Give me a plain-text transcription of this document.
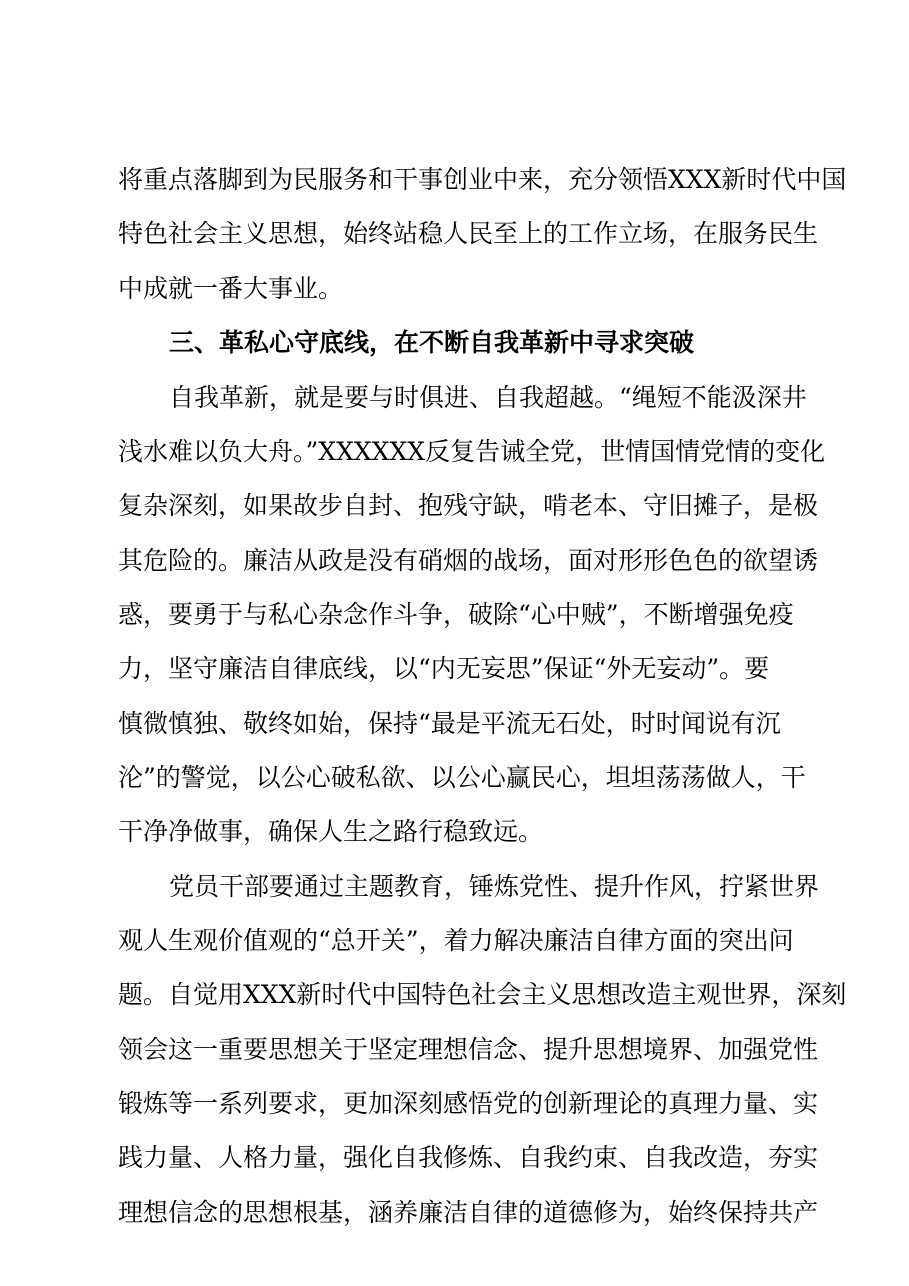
将重点落脚到为民服务和干事创业中来，充分领悟XXX新时代中国
特色社会主义思想，始终站稳人民至上的工作立场，在服务民生
中成就一番大事业。
三、革私心守底线，在不断自我革新中寻求突破
自我革新，就是要与时俱进、自我超越。“绳短不能汲深井
浅水难以负大舟。”XXXXXX反复告诫全党，世情国情党情的变化
复杂深刻，如果故步自封、抱残守缺，啃老本、守旧摊子，是极
其危险的。廉洁从政是没有硝烟的战场，面对形形色色的欲望诱
惑，要勇于与私心杂念作斗争，破除“心中贼”，不断增强免疫
力，坚守廉洁自律底线，以“内无妄思”保证“外无妄动”。要
慎微慎独、敬终如始，保持“最是平流无石处，时时闻说有沉
沦”的警觉，以公心破私欲、以公心赢民心，坦坦荡荡做人，干
干净净做事，确保人生之路行稳致远。
党员干部要通过主题教育，锤炼党性、提升作风，拧紧世界
观人生观价值观的“总开关”，着力解决廉洁自律方面的突出问
题。自觉用XXX新时代中国特色社会主义思想改造主观世界，深刻
领会这一重要思想关于坚定理想信念、提升思想境界、加强党性
锻炼等一系列要求，更加深刻感悟党的创新理论的真理力量、实
践力量、人格力量，强化自我修炼、自我约束、自我改造，夯实
理想信念的思想根基，涵养廉洁自律的道德修为，始终保持共产
